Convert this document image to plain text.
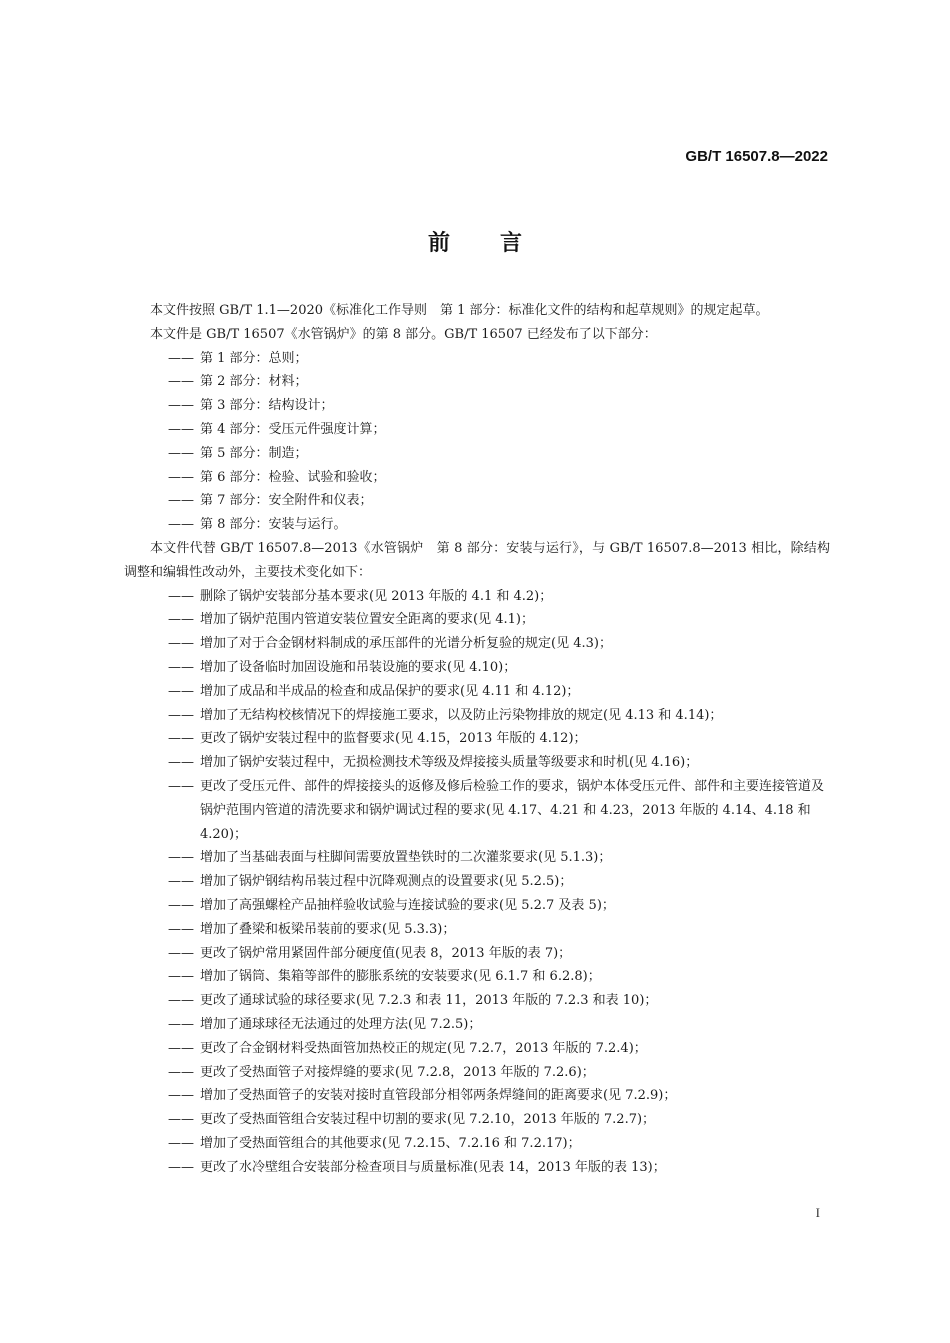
GB/T 16507.8—2022
前言

本文件按照 GB/T 1.1—2020《标准化工作导则　第 1 部分：标准化文件的结构和起草规则》的规定起草。

本文件是 GB/T 16507《水管锅炉》的第 8 部分。GB/T 16507 已经发布了以下部分：

—— 第 1 部分：总则；

—— 第 2 部分：材料；

—— 第 3 部分：结构设计；

—— 第 4 部分：受压元件强度计算；

—— 第 5 部分：制造；

—— 第 6 部分：检验、试验和验收；

—— 第 7 部分：安全附件和仪表；

—— 第 8 部分：安装与运行。

本文件代替 GB/T 16507.8—2013《水管锅炉　第 8 部分：安装与运行》，与 GB/T 16507.8—2013 相比，除结构调整和编辑性改动外，主要技术变化如下：

—— 删除了锅炉安装部分基本要求(见 2013 年版的 4.1 和 4.2)；

—— 增加了锅炉范围内管道安装位置安全距离的要求(见 4.1)；

—— 增加了对于合金钢材料制成的承压部件的光谱分析复验的规定(见 4.3)；

—— 增加了设备临时加固设施和吊装设施的要求(见 4.10)；

—— 增加了成品和半成品的检查和成品保护的要求(见 4.11 和 4.12)；

—— 增加了无结构校核情况下的焊接施工要求，以及防止污染物排放的规定(见 4.13 和 4.14)；

—— 更改了锅炉安装过程中的监督要求(见 4.15，2013 年版的 4.12)；

—— 增加了锅炉安装过程中，无损检测技术等级及焊接接头质量等级要求和时机(见 4.16)；

—— 更改了受压元件、部件的焊接接头的返修及修后检验工作的要求，锅炉本体受压元件、部件和主要连接管道及锅炉范围内管道的清洗要求和锅炉调试过程的要求(见 4.17、4.21 和 4.23，2013 年版的 4.14、4.18 和 4.20)；

—— 增加了当基础表面与柱脚间需要放置垫铁时的二次灌浆要求(见 5.1.3)；

—— 增加了锅炉钢结构吊装过程中沉降观测点的设置要求(见 5.2.5)；

—— 增加了高强螺栓产品抽样验收试验与连接试验的要求(见 5.2.7 及表 5)；

—— 增加了叠梁和板梁吊装前的要求(见 5.3.3)；

—— 更改了锅炉常用紧固件部分硬度值(见表 8，2013 年版的表 7)；

—— 增加了锅筒、集箱等部件的膨胀系统的安装要求(见 6.1.7 和 6.2.8)；

—— 更改了通球试验的球径要求(见 7.2.3 和表 11，2013 年版的 7.2.3 和表 10)；

—— 增加了通球球径无法通过的处理方法(见 7.2.5)；

—— 更改了合金钢材料受热面管加热校正的规定(见 7.2.7，2013 年版的 7.2.4)；

—— 更改了受热面管子对接焊缝的要求(见 7.2.8，2013 年版的 7.2.6)；

—— 增加了受热面管子的安装对接时直管段部分相邻两条焊缝间的距离要求(见 7.2.9)；

—— 更改了受热面管组合安装过程中切割的要求(见 7.2.10，2013 年版的 7.2.7)；

—— 增加了受热面管组合的其他要求(见 7.2.15、7.2.16 和 7.2.17)；

—— 更改了水冷壁组合安装部分检查项目与质量标准(见表 14，2013 年版的表 13)；

I
